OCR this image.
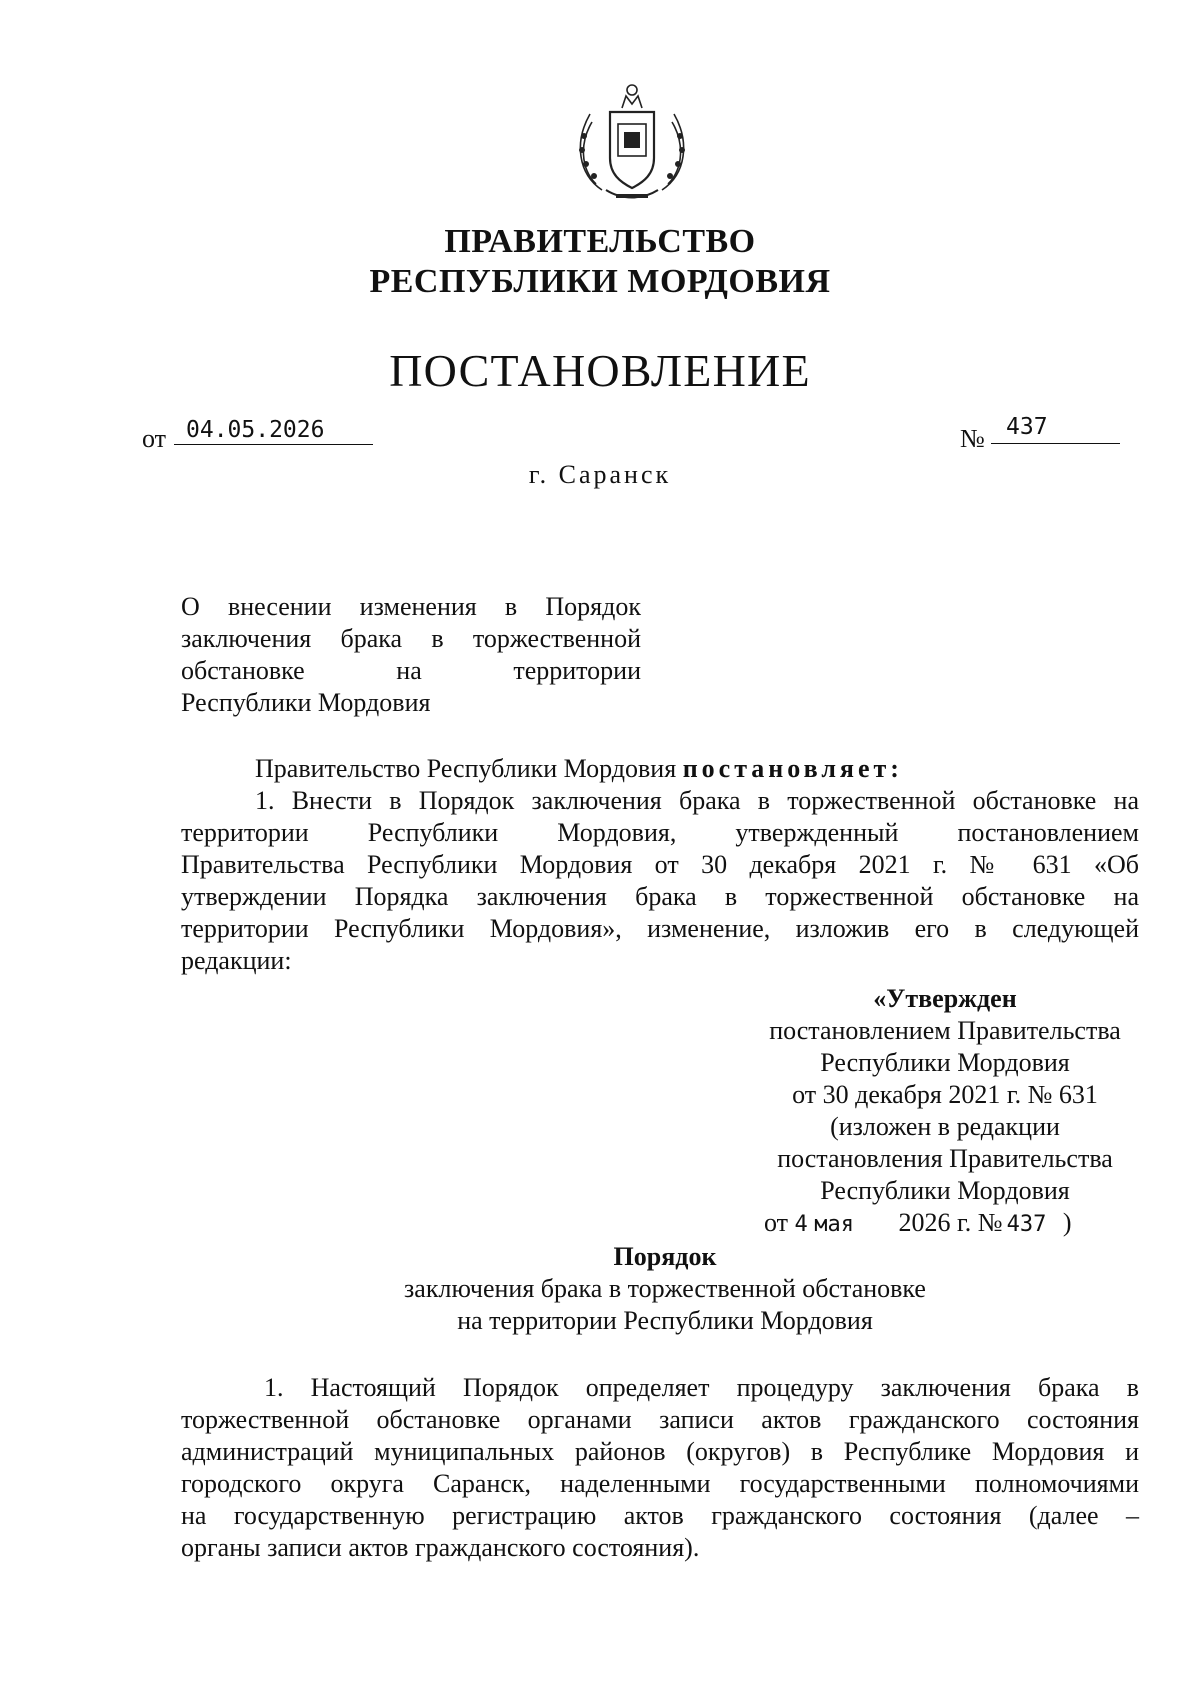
ПРАВИТЕЛЬСТВО
РЕСПУБЛИКИ МОРДОВИЯ
ПОСТАНОВЛЕНИЕ
от 04.05.2026	№ 437
г. Саранск
О внесении изменения в Порядок
заключения брака в торжественной
обстановке на территории
Республики Мордовия
Правительство Республики Мордовия постановляет:
1. Внести в Порядок заключения брака в торжественной обстановке на
территории Республики Мордовия, утвержденный постановлением
Правительства Республики Мордовия от 30 декабря 2021 г. № 631 «Об
утверждении Порядка заключения брака в торжественной обстановке на
территории Республики Мордовия», изменение, изложив его в следующей
редакции:
«Утвержден
постановлением Правительства
Республики Мордовия
от 30 декабря 2021 г. № 631
(изложен в редакции
постановления Правительства
Республики Мордовия
от 4 мая 2026 г. № 437 )
Порядок
заключения брака в торжественной обстановке
на территории Республики Мордовия
1. Настоящий Порядок определяет процедуру заключения брака в
торжественной обстановке органами записи актов гражданского состояния
администраций муниципальных районов (округов) в Республике Мордовия и
городского округа Саранск, наделенными государственными полномочиями
на государственную регистрацию актов гражданского состояния (далее –
органы записи актов гражданского состояния).
